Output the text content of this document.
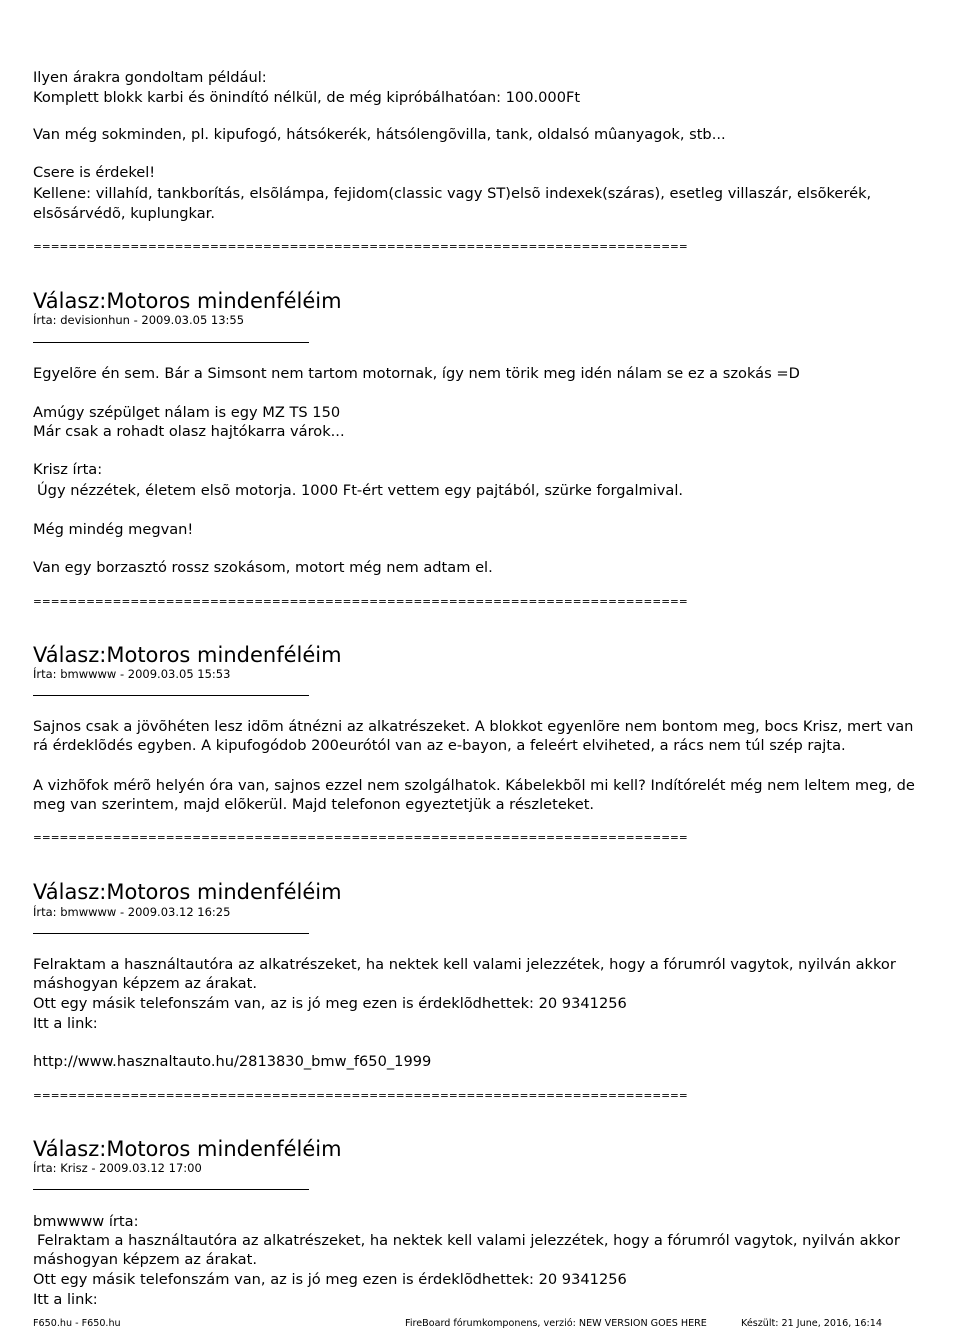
Ilyen árakra gondoltam például:
Komplett blokk karbi és önindító nélkül, de még kipróbálhatóan: 100.000Ft
Van még sokminden, pl. kipufogó, hátsókerék, hátsólengõvilla, tank, oldalsó mûanyagok, stb...
Csere is érdekel!
Kellene: villahíd, tankborítás, elsõlámpa, fejidom(classic vagy ST)elsõ indexek(száras), esetleg villaszár, elsõkerék,
elsõsárvédõ, kuplungkar.
==========================================================================
Válasz:Motoros mindenféléim
Írta: devisionhun - 2009.03.05 13:55
Egyelõre én sem. Bár a Simsont nem tartom motornak, így nem törik meg idén nálam se ez a szokás =D
Amúgy szépülget nálam is egy MZ TS 150
Már csak a rohadt olasz hajtókarra várok...
Krisz írta:
Úgy nézzétek, életem elsõ motorja. 1000 Ft-ért vettem egy pajtából, szürke forgalmival.
Még mindég megvan!
Van egy borzasztó rossz szokásom, motort még nem adtam el.
==========================================================================
Válasz:Motoros mindenféléim
Írta: bmwwww - 2009.03.05 15:53
Sajnos csak a jövõhéten lesz idõm átnézni az alkatrészeket. A blokkot egyenlõre nem bontom meg, bocs Krisz, mert van
rá érdeklõdés egyben. A kipufogódob 200eurótól van az e-bayon, a feleért elviheted, a rács nem túl szép rajta.
A vizhõfok mérõ helyén óra van, sajnos ezzel nem szolgálhatok. Kábelekbõl mi kell? Indítórelét még nem leltem meg, de
meg van szerintem, majd elõkerül. Majd telefonon egyeztetjük a részleteket.
==========================================================================
Válasz:Motoros mindenféléim
Írta: bmwwww - 2009.03.12 16:25
Felraktam a használtautóra az alkatrészeket, ha nektek kell valami jelezzétek, hogy a fórumról vagytok, nyilván akkor
máshogyan képzem az árakat.
Ott egy másik telefonszám van, az is jó meg ezen is érdeklõdhettek: 20 9341256
Itt a link:
http://www.hasznaltauto.hu/2813830_bmw_f650_1999
==========================================================================
Válasz:Motoros mindenféléim
Írta: Krisz - 2009.03.12 17:00
bmwwww írta:
Felraktam a használtautóra az alkatrészeket, ha nektek kell valami jelezzétek, hogy a fórumról vagytok, nyilván akkor
máshogyan képzem az árakat.
Ott egy másik telefonszám van, az is jó meg ezen is érdeklõdhettek: 20 9341256
Itt a link:
F650.hu - F650.hu	FireBoard fórumkomponens, verzió: NEW VERSION GOES HERE	Készült: 21 June, 2016, 16:14
